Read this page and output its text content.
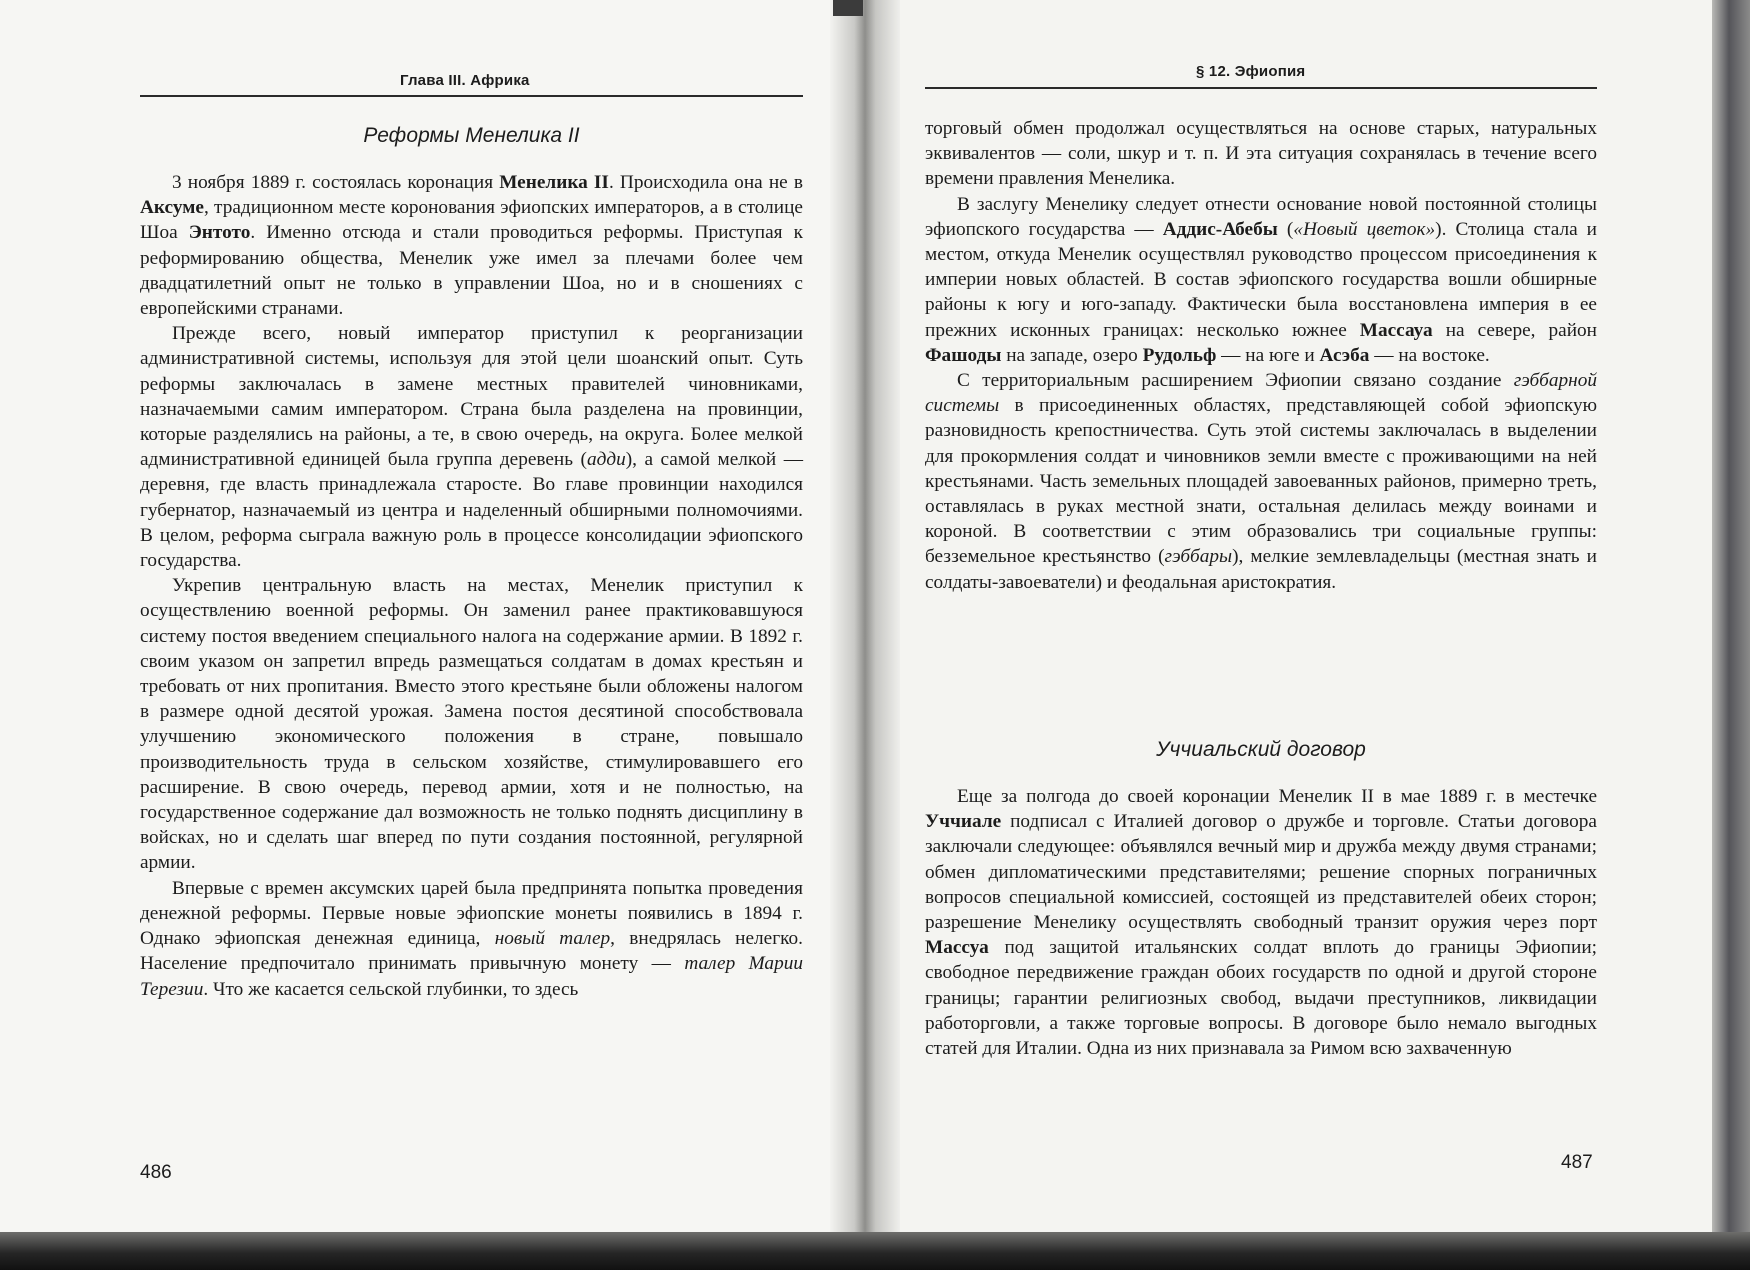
Глава III. Африка
Реформы Менелика II

3 ноября 1889 г. состоялась коронация Менелика II. Происходила она не в Аксуме, традиционном месте коронования эфиопских императоров, а в столице Шоа Энтото. Именно отсюда и стали проводиться реформы. Приступая к реформированию общества, Менелик уже имел за плечами более чем двадцатилетний опыт не только в управлении Шоа, но и в сношениях с европейскими странами.

Прежде всего, новый император приступил к реорганизации административной системы, используя для этой цели шоанский опыт. Суть реформы заключалась в замене местных правителей чиновниками, назначаемыми самим императором. Страна была разделена на провинции, которые разделялись на районы, а те, в свою очередь, на округа. Более мелкой административной единицей была группа деревень (адди), а самой мелкой — деревня, где власть принадлежала старосте. Во главе провинции находился губернатор, назначаемый из центра и наделенный обширными полномочиями. В целом, реформа сыграла важную роль в процессе консолидации эфиопского государства.

Укрепив центральную власть на местах, Менелик приступил к осуществлению военной реформы. Он заменил ранее практиковавшуюся систему постоя введением специального налога на содержание армии. В 1892 г. своим указом он запретил впредь размещаться солдатам в домах крестьян и требовать от них пропитания. Вместо этого крестьяне были обложены налогом в размере одной десятой урожая. Замена постоя десятиной способствовала улучшению экономического положения в стране, повышало производительность труда в сельском хозяйстве, стимулировавшего его расширение. В свою очередь, перевод армии, хотя и не полностью, на государственное содержание дал возможность не только поднять дисциплину в войсках, но и сделать шаг вперед по пути создания постоянной, регулярной армии.

Впервые с времен аксумских царей была предпринята попытка проведения денежной реформы. Первые новые эфиопские монеты появились в 1894 г. Однако эфиопская денежная единица, новый талер, внедрялась нелегко. Население предпочитало принимать привычную монету — талер Марии Терезии. Что же касается сельской глубинки, то здесь

486
§ 12. Эфиопия

торговый обмен продолжал осуществляться на основе старых, натуральных эквивалентов — соли, шкур и т. п. И эта ситуация сохранялась в течение всего времени правления Менелика.

В заслугу Менелику следует отнести основание новой постоянной столицы эфиопского государства — Аддис-Абебы («Новый цветок»). Столица стала и местом, откуда Менелик осуществлял руководство процессом присоединения к империи новых областей. В состав эфиопского государства вошли обширные районы к югу и юго-западу. Фактически была восстановлена империя в ее прежних исконных границах: несколько южнее Массауа на севере, район Фашоды на западе, озеро Рудольф — на юге и Асэба — на востоке.

С территориальным расширением Эфиопии связано создание гэббарной системы в присоединенных областях, представляющей собой эфиопскую разновидность крепостничества. Суть этой системы заключалась в выделении для прокормления солдат и чиновников земли вместе с проживающими на ней крестьянами. Часть земельных площадей завоеванных районов, примерно треть, оставлялась в руках местной знати, остальная делилась между воинами и короной. В соответствии с этим образовались три социальные группы: безземельное крестьянство (гэббары), мелкие землевладельцы (местная знать и солдаты-завоеватели) и феодальная аристократия.

Уччиальский договор

Еще за полгода до своей коронации Менелик II в мае 1889 г. в местечке Уччиале подписал с Италией договор о дружбе и торговле. Статьи договора заключали следующее: объявлялся вечный мир и дружба между двумя странами; обмен дипломатическими представителями; решение спорных пограничных вопросов специальной комиссией, состоящей из представителей обеих сторон; разрешение Менелику осуществлять свободный транзит оружия через порт Массуа под защитой итальянских солдат вплоть до границы Эфиопии; свободное передвижение граждан обоих государств по одной и другой стороне границы; гарантии религиозных свобод, выдачи преступников, ликвидации работорговли, а также торговые вопросы. В договоре было немало выгодных статей для Италии. Одна из них признавала за Римом всю захваченную

487
